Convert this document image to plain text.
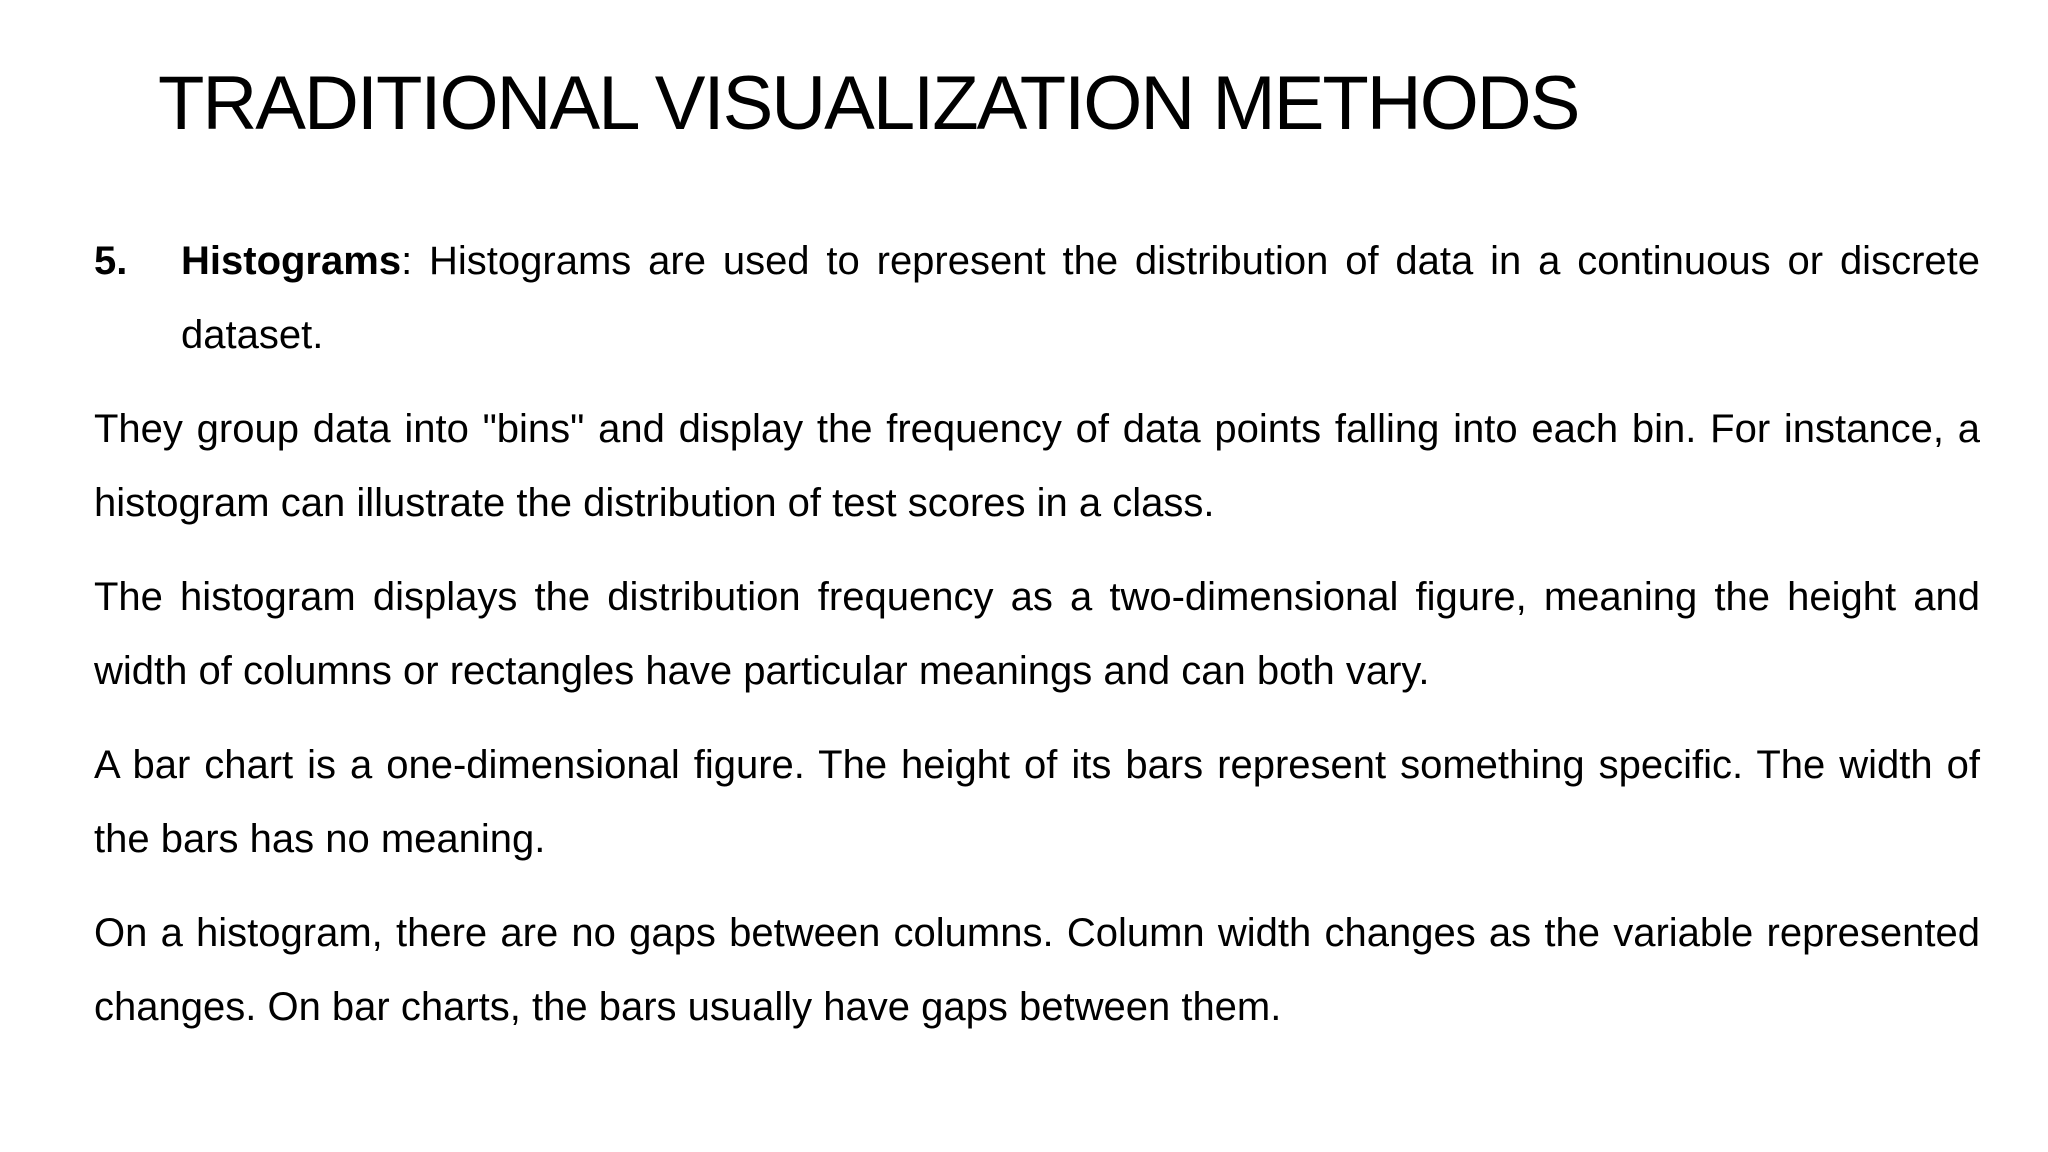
TRADITIONAL VISUALIZATION METHODS
5.	Histograms: Histograms are used to represent the distribution of data in a continuous or discrete dataset.

They group data into "bins" and display the frequency of data points falling into each bin. For instance, a histogram can illustrate the distribution of test scores in a class.

The histogram displays the distribution frequency as a two-dimensional figure, meaning the height and width of columns or rectangles have particular meanings and can both vary.

A bar chart is a one-dimensional figure. The height of its bars represent something specific. The width of the bars has no meaning.

On a histogram, there are no gaps between columns. Column width changes as the variable represented changes. On bar charts, the bars usually have gaps between them.
